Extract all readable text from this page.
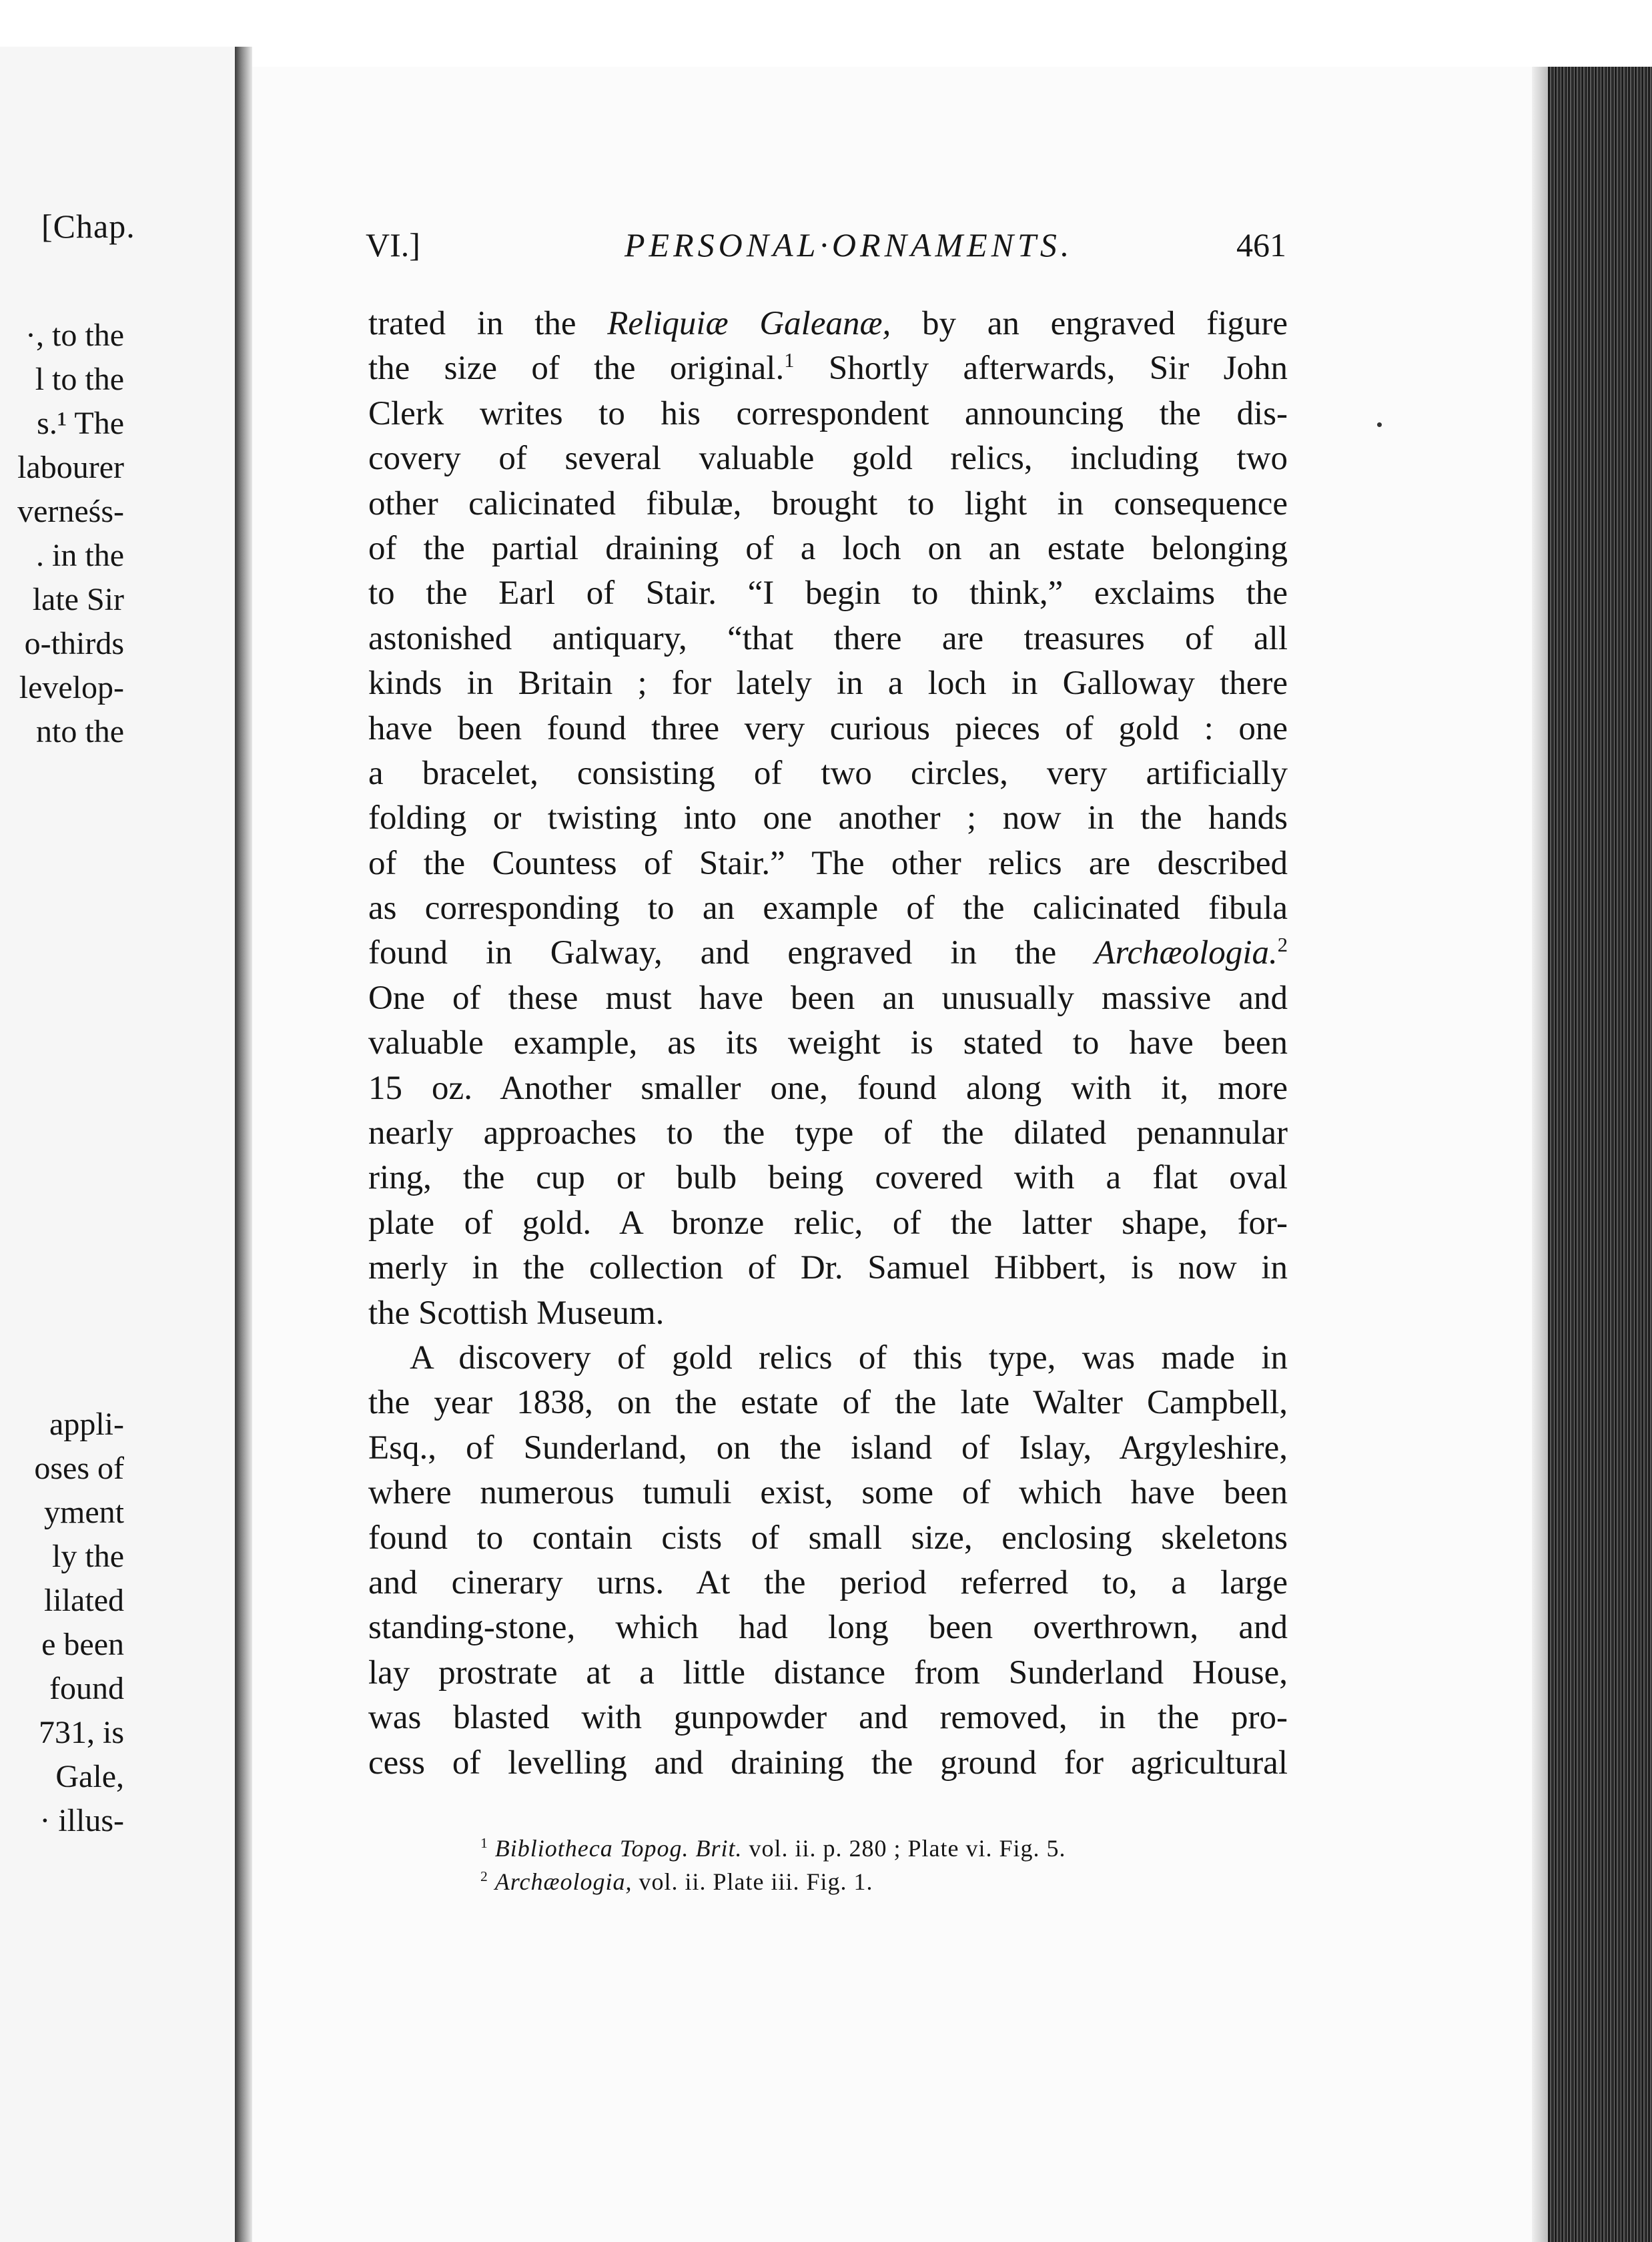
[Chap.
·, to the
l to the
s.¹ The
labourer
verneśs-
. in the
late Sir
o-thirds
levelop-
nto the
appli-
oses of
yment
ly the
lilated
e been
found
731, is
Gale,
· illus-
VI.]	PERSONAL·ORNAMENTS.	461
trated in the Reliquiæ Galeanæ, by an engraved figure
the size of the original.$^1$ Shortly afterwards, Sir John
Clerk writes to his correspondent announcing the dis-
covery of several valuable gold relics, including two
other calicinated fibulæ, brought to light in consequence
of the partial draining of a loch on an estate belonging
to the Earl of Stair. “I begin to think,” exclaims the
astonished antiquary, “that there are treasures of all
kinds in Britain ; for lately in a loch in Galloway there
have been found three very curious pieces of gold : one
a bracelet, consisting of two circles, very artificially
folding or twisting into one another ; now in the hands
of the Countess of Stair.” The other relics are described
as corresponding to an example of the calicinated fibula
found in Galway, and engraved in the Archæologia.$^2$
One of these must have been an unusually massive and
valuable example, as its weight is stated to have been
15 oz. Another smaller one, found along with it, more
nearly approaches to the type of the dilated penannular
ring, the cup or bulb being covered with a flat oval
plate of gold. A bronze relic, of the latter shape, for-
merly in the collection of Dr. Samuel Hibbert, is now in
the Scottish Museum.
A discovery of gold relics of this type, was made in
the year 1838, on the estate of the late Walter Campbell,
Esq., of Sunderland, on the island of Islay, Argyleshire,
where numerous tumuli exist, some of which have been
found to contain cists of small size, enclosing skeletons
and cinerary urns. At the period referred to, a large
standing-stone, which had long been overthrown, and
lay prostrate at a little distance from Sunderland House,
was blasted with gunpowder and removed, in the pro-
cess of levelling and draining the ground for agricultural
$^1$ Bibliotheca Topog. Brit. vol. ii. p. 280 ; Plate vi. Fig. 5.
$^2$ Archæologia, vol. ii. Plate iii. Fig. 1.
